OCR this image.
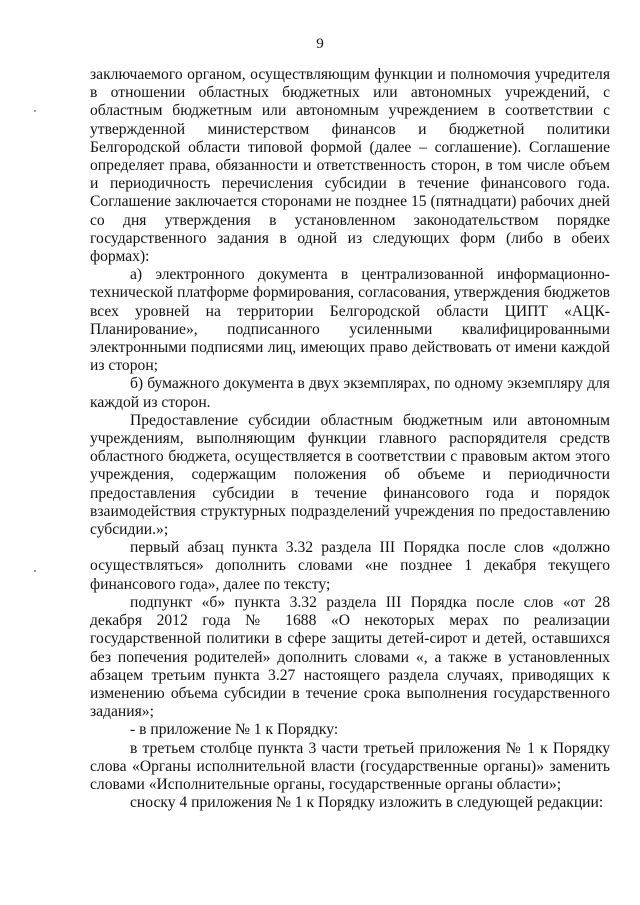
9

заключаемого органом, осуществляющим функции и полномочия учредителя в отношении областных бюджетных или автономных учреждений, с областным бюджетным или автономным учреждением в соответствии с утвержденной министерством финансов и бюджетной политики Белгородской области типовой формой (далее – соглашение). Соглашение определяет права, обязанности и ответственность сторон, в том числе объем и периодичность перечисления субсидии в течение финансового года. Соглашение заключается сторонами не позднее 15 (пятнадцати) рабочих дней со дня утверждения в установленном законодательством порядке государственного задания в одной из следующих форм (либо в обеих формах):

а) электронного документа в централизованной информационно-технической платформе формирования, согласования, утверждения бюджетов всех уровней на территории Белгородской области ЦИПТ «АЦК-Планирование», подписанного усиленными квалифицированными электронными подписями лиц, имеющих право действовать от имени каждой из сторон;

б) бумажного документа в двух экземплярах, по одному экземпляру для каждой из сторон.

Предоставление субсидии областным бюджетным или автономным учреждениям, выполняющим функции главного распорядителя средств областного бюджета, осуществляется в соответствии с правовым актом этого учреждения, содержащим положения об объеме и периодичности предоставления субсидии в течение финансового года и порядок взаимодействия структурных подразделений учреждения по предоставлению субсидии.»;

первый абзац пункта 3.32 раздела III Порядка после слов «должно осуществляться» дополнить словами «не позднее 1 декабря текущего финансового года», далее по тексту;

подпункт «б» пункта 3.32 раздела III Порядка после слов «от 28 декабря 2012 года № 1688 «О некоторых мерах по реализации государственной политики в сфере защиты детей-сирот и детей, оставшихся без попечения родителей» дополнить словами «, а также в установленных абзацем третьим пункта 3.27 настоящего раздела случаях, приводящих к изменению объема субсидии в течение срока выполнения государственного задания»;

- в приложение № 1 к Порядку:

в третьем столбце пункта 3 части третьей приложения № 1 к Порядку слова «Органы исполнительной власти (государственные органы)» заменить словами «Исполнительные органы, государственные органы области»;

сноску 4 приложения № 1 к Порядку изложить в следующей редакции:
